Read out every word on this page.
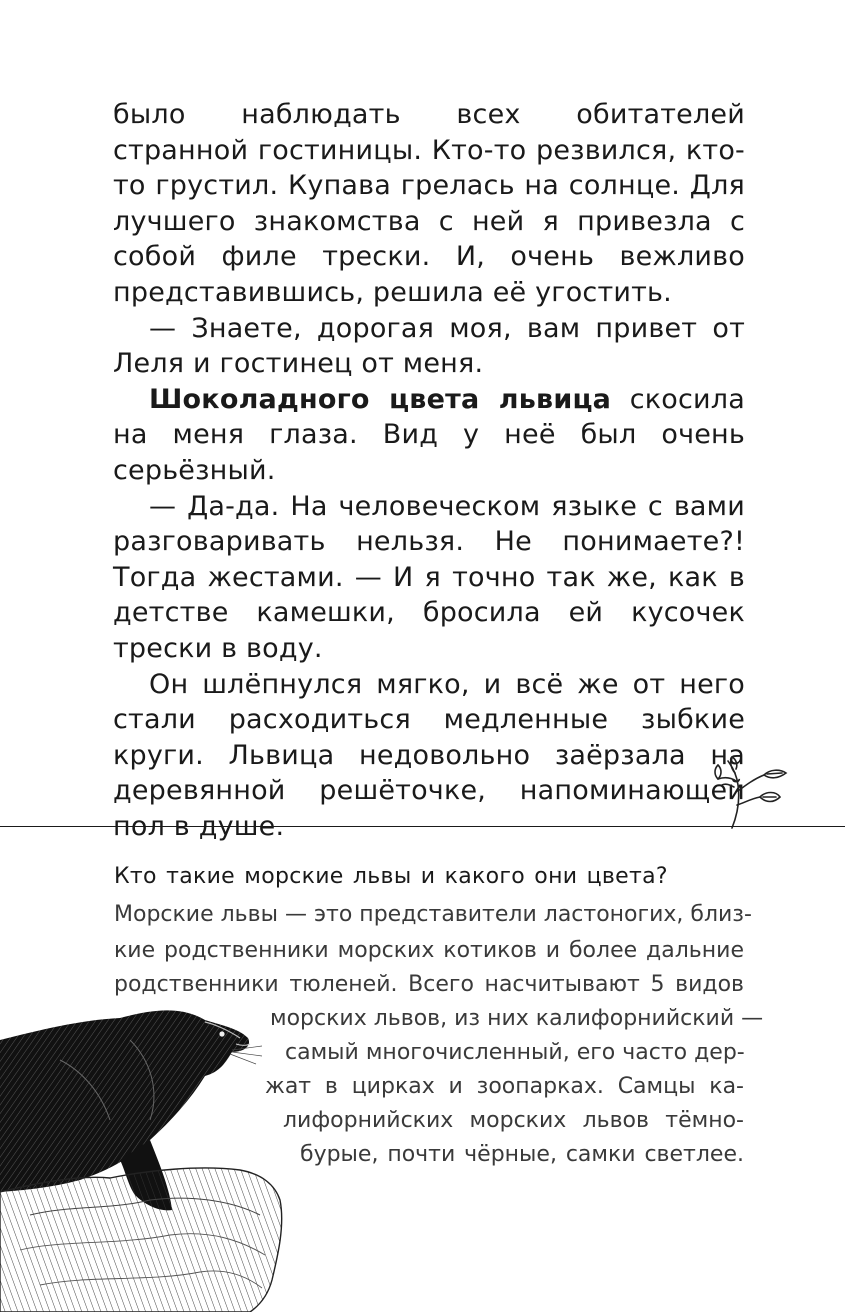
было наблюдать всех обитателей странной гостиницы. Кто-то резвился, кто-то грустил. Купава грелась на солнце. Для лучшего знакомства с ней я привезла с собой филе трески. И, очень вежливо представившись, решила её угостить.

— Знаете, дорогая моя, вам привет от Леля и гостинец от меня.

Шоколадного цвета львица скосила на меня глаза. Вид у неё был очень серьёзный.

— Да-да. На человеческом языке с вами разговаривать нельзя. Не понимаете?! Тогда жестами. — И я точно так же, как в детстве камешки, бросила ей кусочек трески в воду.

Он шлёпнулся мягко, и всё же от него стали расходиться медленные зыбкие круги. Львица недовольно заёрзала на деревянной решёточке, напоминающей пол в душе.

Кто такие морские львы и какого они цвета?

Морские львы — это представители ластоногих, близ-

кие родственники морских котиков и более дальние

родственники тюленей. Всего насчитывают 5 видов

морских львов, из них калифорнийский —

самый многочисленный, его часто дер-

жат в цирках и зоопарках. Самцы ка-

лифорнийских морских львов тёмно-

бурые, почти чёрные, самки светлее.
